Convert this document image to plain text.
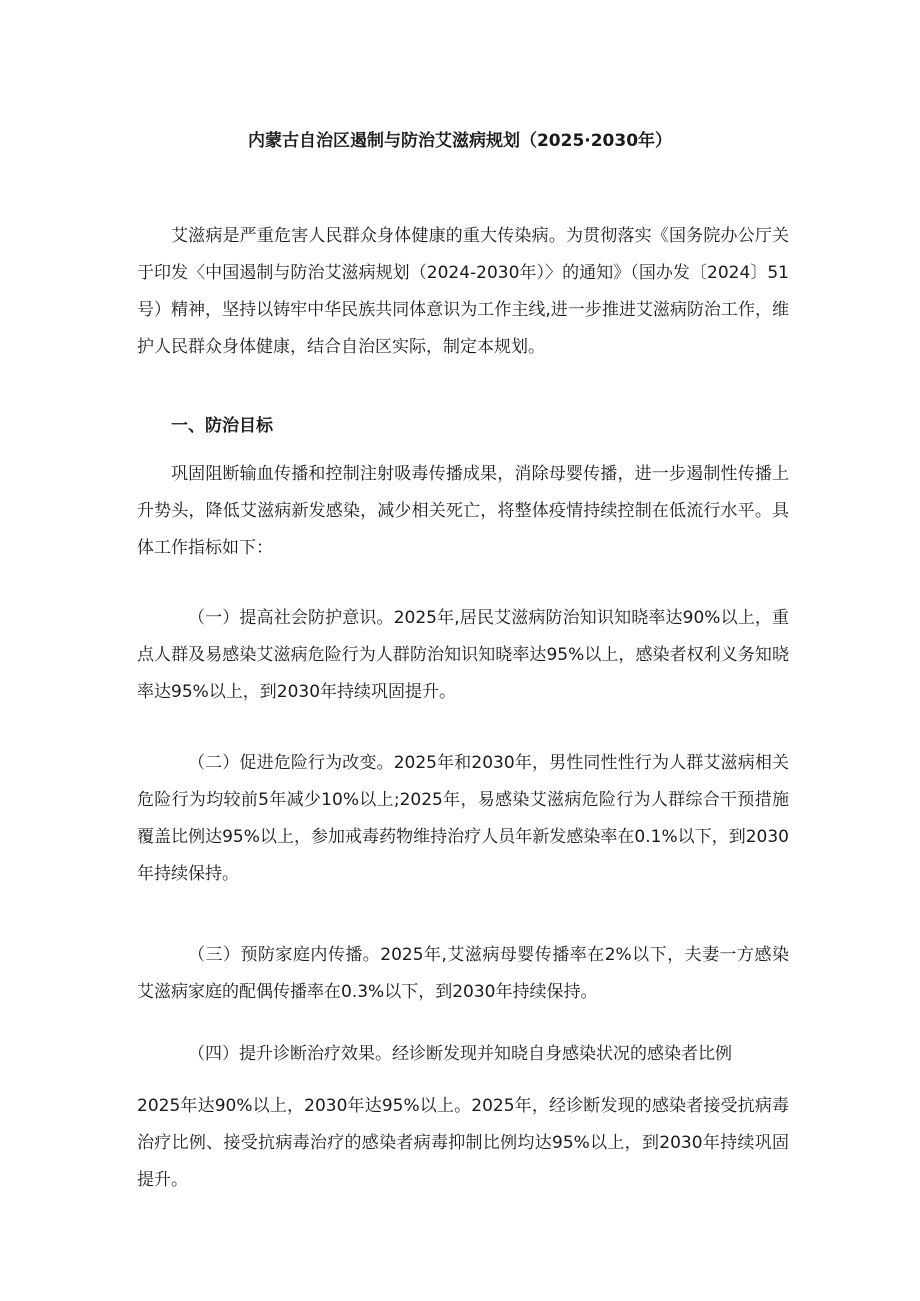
内蒙古自治区遏制与防治艾滋病规划（2025·2030年）

艾滋病是严重危害人民群众身体健康的重大传染病。为贯彻落实《国务院办公厅关于印发〈中国遏制与防治艾滋病规划（2024-2030年）〉的通知》（国办发〔2024〕51号）精神，坚持以铸牢中华民族共同体意识为工作主线,进一步推进艾滋病防治工作，维护人民群众身体健康，结合自治区实际，制定本规划。

一、防治目标

巩固阻断输血传播和控制注射吸毒传播成果，消除母婴传播，进一步遏制性传播上升势头，降低艾滋病新发感染，减少相关死亡，将整体疫情持续控制在低流行水平。具体工作指标如下：

（一）提高社会防护意识。2025年,居民艾滋病防治知识知晓率达90%以上，重点人群及易感染艾滋病危险行为人群防治知识知晓率达95%以上，感染者权利义务知晓率达95%以上，到2030年持续巩固提升。

（二）促进危险行为改变。2025年和2030年，男性同性性行为人群艾滋病相关危险行为均较前5年减少10%以上;2025年，易感染艾滋病危险行为人群综合干预措施覆盖比例达95%以上，参加戒毒药物维持治疗人员年新发感染率在0.1%以下，到2030年持续保持。

（三）预防家庭内传播。2025年,艾滋病母婴传播率在2%以下，夫妻一方感染艾滋病家庭的配偶传播率在0.3%以下，到2030年持续保持。

（四）提升诊断治疗效果。经诊断发现并知晓自身感染状况的感染者比例

2025年达90%以上，2030年达95%以上。2025年，经诊断发现的感染者接受抗病毒治疗比例、接受抗病毒治疗的感染者病毒抑制比例均达95%以上，到2030年持续巩固提升。
